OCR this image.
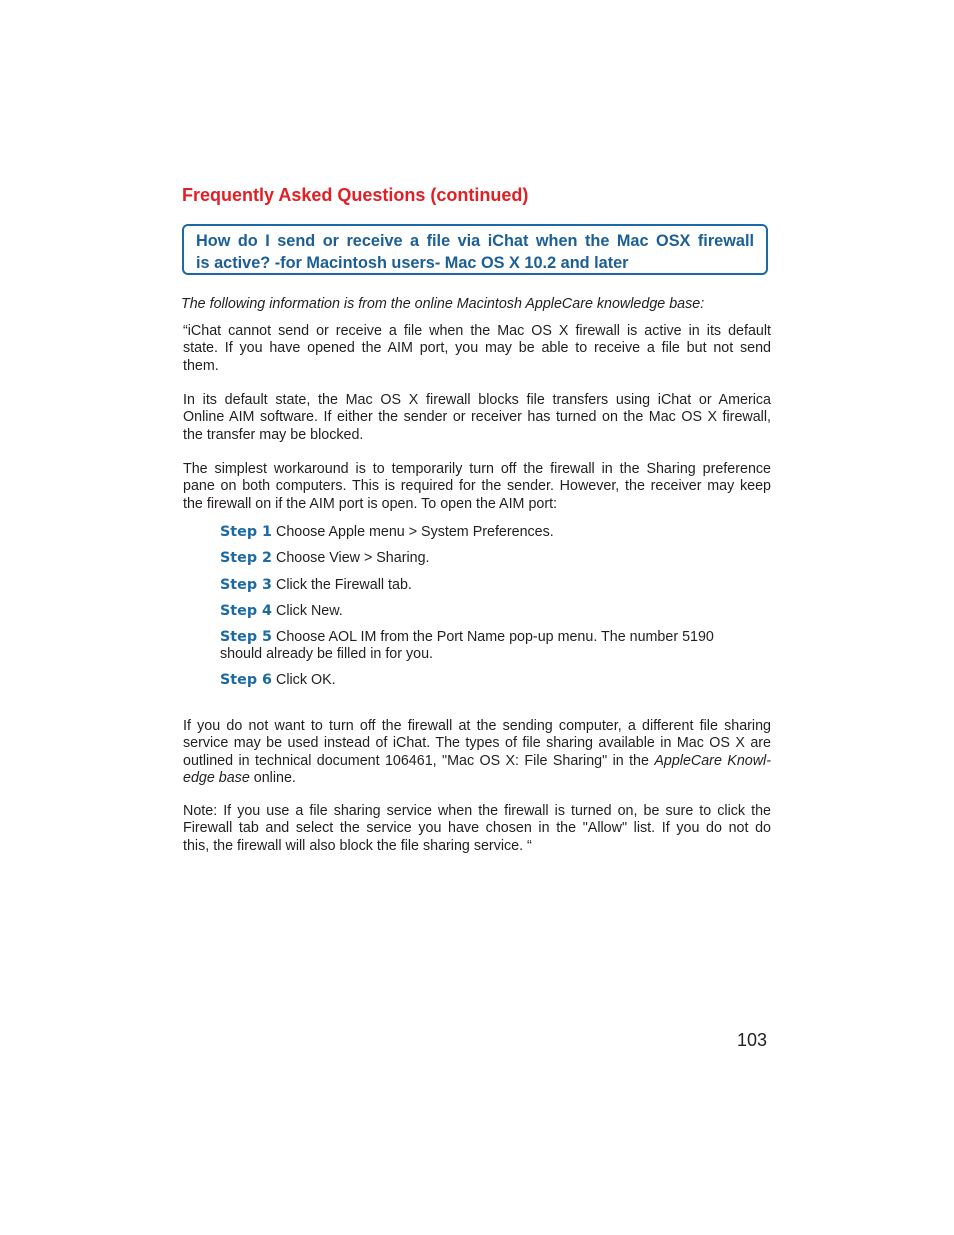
Frequently Asked Questions (continued)
How do I send or receive a file via iChat when the Mac OSX firewall
is active? -for Macintosh users- Mac OS X 10.2 and later

The following information is from the online Macintosh AppleCare knowledge base:

“iChat cannot send or receive a file when the Mac OS X firewall is active in its default
state. If you have opened the AIM port, you may be able to receive a file but not send
them.

In its default state, the Mac OS X firewall blocks file transfers using iChat or America
Online AIM software. If either the sender or receiver has turned on the Mac OS X firewall,
the transfer may be blocked.

The simplest workaround is to temporarily turn off the firewall in the Sharing preference
pane on both computers. This is required for the sender. However, the receiver may keep
the firewall on if the AIM port is open. To open the AIM port:

Step 1 Choose Apple menu > System Preferences.
Step 2 Choose View > Sharing.
Step 3 Click the Firewall tab.
Step 4 Click New.
Step 5 Choose AOL IM from the Port Name pop-up menu. The number 5190
should already be filled in for you.
Step 6 Click OK.

If you do not want to turn off the firewall at the sending computer, a different file sharing
service may be used instead of iChat. The types of file sharing available in Mac OS X are
outlined in technical document 106461, "Mac OS X: File Sharing" in the AppleCare Knowl-
edge base online.

Note: If you use a file sharing service when the firewall is turned on, be sure to click the
Firewall tab and select the service you have chosen in the "Allow" list. If you do not do
this, the firewall will also block the file sharing service. “

103
